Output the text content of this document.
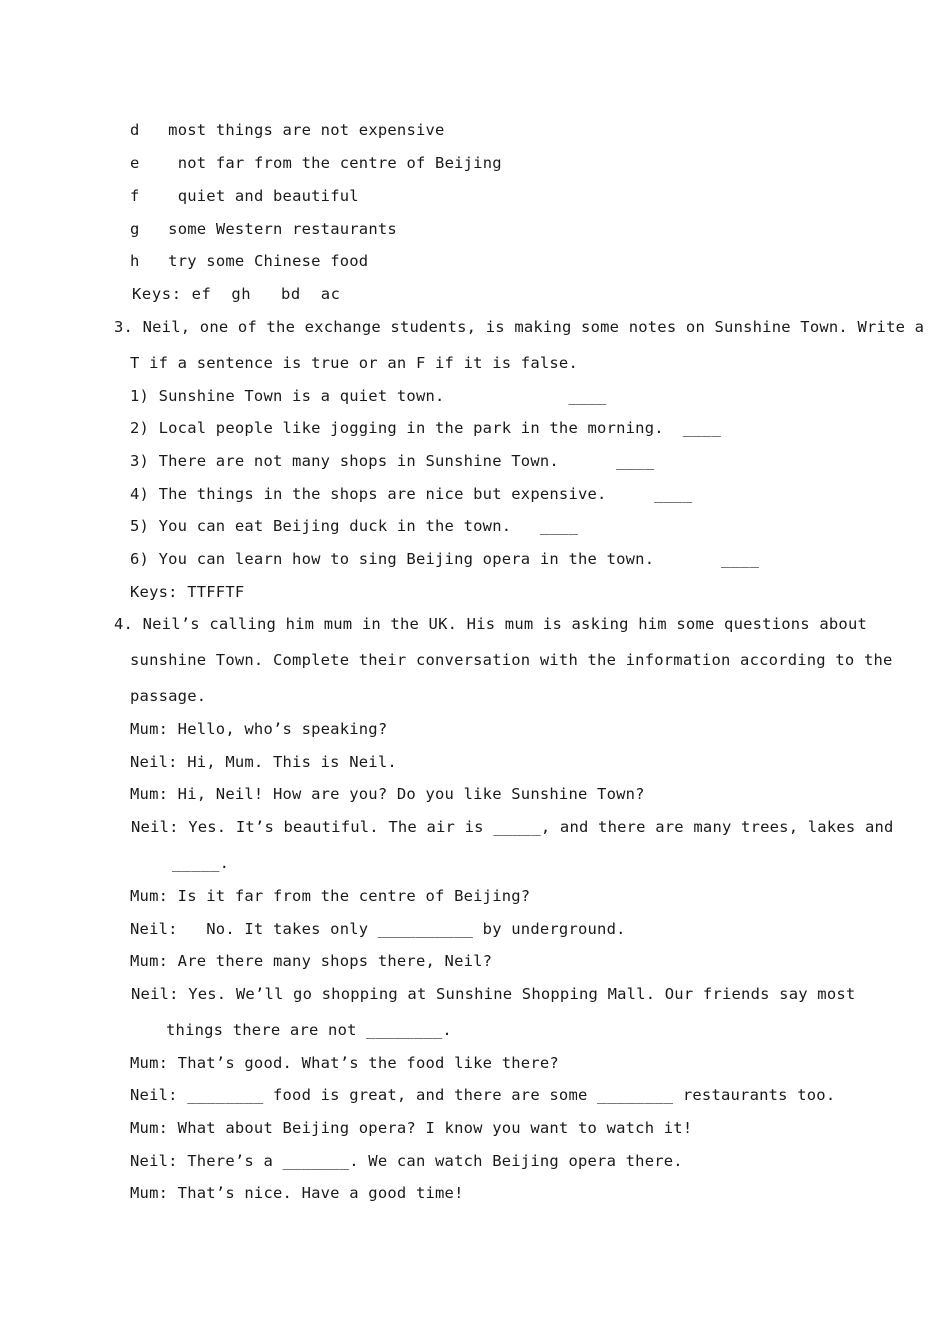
d most things are not expensive
e    not far from the centre of Beijing
f    quiet and beautiful
g some Western restaurants
h try some Chinese food
Keys: ef  gh   bd  ac
3. Neil, one of the exchange students, is making some notes on Sunshine Town. Write a
T if a sentence is true or an F if it is false.
1) Sunshine Town is a quiet town.             ____
2) Local people like jogging in the park in the morning.  ____
3) There are not many shops in Sunshine Town.      ____
4) The things in the shops are nice but expensive.     ____
5) You can eat Beijing duck in the town.   ____
6) You can learn how to sing Beijing opera in the town.       ____
Keys: TTFFTF
4. Neil’s calling him mum in the UK. His mum is asking him some questions about
sunshine Town. Complete their conversation with the information according to the
passage.
Mum: Hello, who’s speaking?
Neil: Hi, Mum. This is Neil.
Mum: Hi, Neil! How are you? Do you like Sunshine Town?
Neil: Yes. It’s beautiful. The air is _____, and there are many trees, lakes and
_____.
Mum: Is it far from the centre of Beijing?
Neil:   No. It takes only __________ by underground.
Mum: Are there many shops there, Neil?
Neil: Yes. We’ll go shopping at Sunshine Shopping Mall. Our friends say most
things there are not ________.
Mum: That’s good. What’s the food like there?
Neil: ________ food is great, and there are some ________ restaurants too.
Mum: What about Beijing opera? I know you want to watch it!
Neil: There’s a _______. We can watch Beijing opera there.
Mum: That’s nice. Have a good time!
